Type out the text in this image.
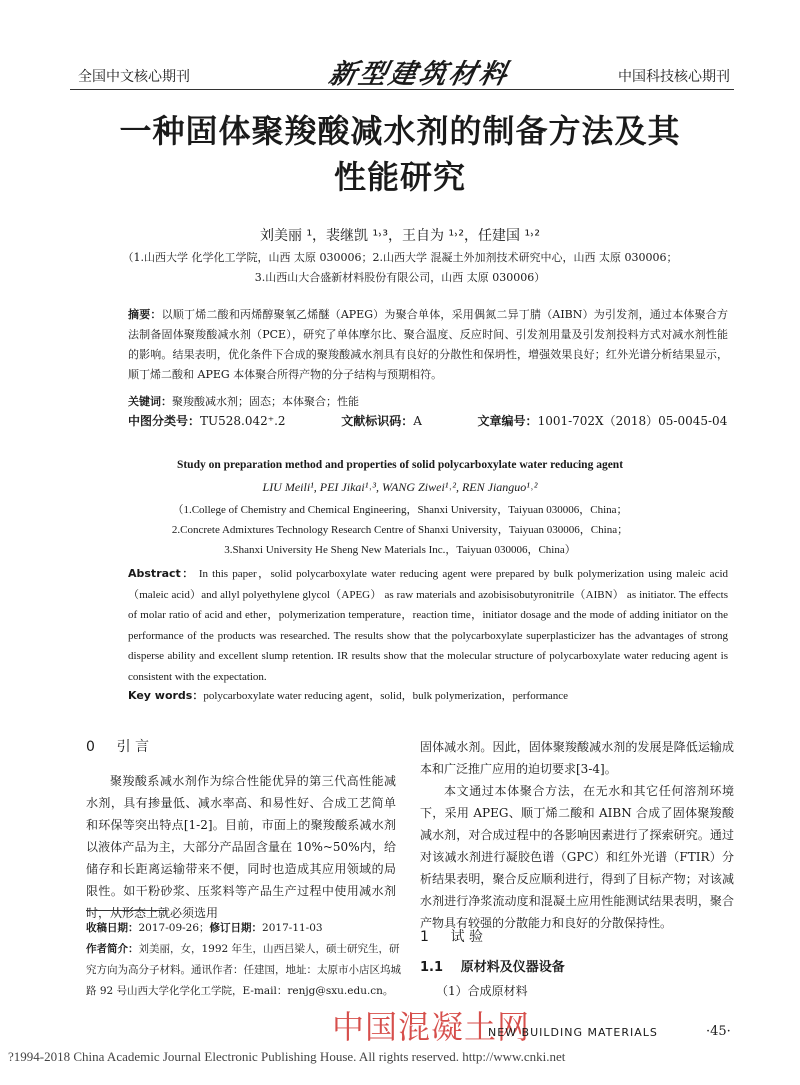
全国中文核心期刊	新型建筑材料	中国科技核心期刊
一种固体聚羧酸减水剂的制备方法及其
性能研究
刘美丽 ¹，裴继凯 ¹˒³，王自为 ¹˒²，任建国 ¹˒²
（1.山西大学 化学化工学院，山西 太原 030006；2.山西大学 混凝土外加剂技术研究中心，山西 太原 030006；
3.山西山大合盛新材料股份有限公司，山西 太原 030006）
摘要：以顺丁烯二酸和丙烯醇聚氧乙烯醚（APEG）为聚合单体，采用偶氮二异丁腈（AIBN）为引发剂，通过本体聚合方法制备固体聚羧酸减水剂（PCE），研究了单体摩尔比、聚合温度、反应时间、引发剂用量及引发剂投料方式对减水剂性能的影响。结果表明，优化条件下合成的聚羧酸减水剂具有良好的分散性和保坍性，增强效果良好；红外光谱分析结果显示，顺丁烯二酸和 APEG 本体聚合所得产物的分子结构与预期相符。
关键词：聚羧酸减水剂；固态；本体聚合；性能
中图分类号：TU528.042⁺.2	文献标识码：A	文章编号：1001-702X（2018）05-0045-04
Study on preparation method and properties of solid polycarboxylate water reducing agent
LIU Meili¹, PEI Jikai¹˒³, WANG Ziwei¹˒², REN Jianguo¹˒²
（1.College of Chemistry and Chemical Engineering，Shanxi University，Taiyuan 030006，China；
2.Concrete Admixtures Technology Research Centre of Shanxi University，Taiyuan 030006，China；
3.Shanxi University He Sheng New Materials Inc.，Taiyuan 030006，China）
Abstract： In this paper，solid polycarboxylate water reducing agent were prepared by bulk polymerization using maleic acid（maleic acid）and allyl polyethylene glycol（APEG） as raw materials and azobisisobutyronitrile（AIBN） as initiator. The effects of molar ratio of acid and ether，polymerization temperature，reaction time，initiator dosage and the mode of adding initiator on the performance of the products was researched. The results show that the polycarboxylate superplasticizer has the advantages of strong disperse ability and excellent slump retention. IR results show that the molecular structure of polycarboxylate water reducing agent is consistent with the expectation.
Key words：polycarboxylate water reducing agent，solid，bulk polymerization，performance
0 引 言
聚羧酸系减水剂作为综合性能优异的第三代高性能减水剂，具有掺量低、减水率高、和易性好、合成工艺简单和环保等突出特点[1-2]。目前，市面上的聚羧酸系减水剂以液体产品为主，大部分产品固含量在 10%~50%内，给储存和长距离运输带来不便，同时也造成其应用领域的局限性。如干粉砂浆、压浆料等产品生产过程中使用减水剂时，从形态上就必须选用
收稿日期：2017-09-26；修订日期：2017-11-03
作者简介：刘美丽，女，1992 年生，山西吕梁人，硕士研究生，研究方向为高分子材料。通讯作者：任建国，地址：太原市小店区坞城路 92 号山西大学化学化工学院，E-mail：renjg@sxu.edu.cn。
固体减水剂。因此，固体聚羧酸减水剂的发展是降低运输成本和广泛推广应用的迫切要求[3-4]。
本文通过本体聚合方法，在无水和其它任何溶剂环境下，采用 APEG、顺丁烯二酸和 AIBN 合成了固体聚羧酸减水剂，对合成过程中的各影响因素进行了探索研究。通过对该减水剂进行凝胶色谱（GPC）和红外光谱（FTIR）分析结果表明，聚合反应顺利进行，得到了目标产物；对该减水剂进行净浆流动度和混凝土应用性能测试结果表明，聚合产物具有较强的分散能力和良好的分散保持性。
1 试 验
1.1 原材料及仪器设备
（1）合成原材料
中国混凝土网
NEW BUILDING MATERIALS	·45·
?1994-2018 China Academic Journal Electronic Publishing House. All rights reserved. http://www.cnki.net
